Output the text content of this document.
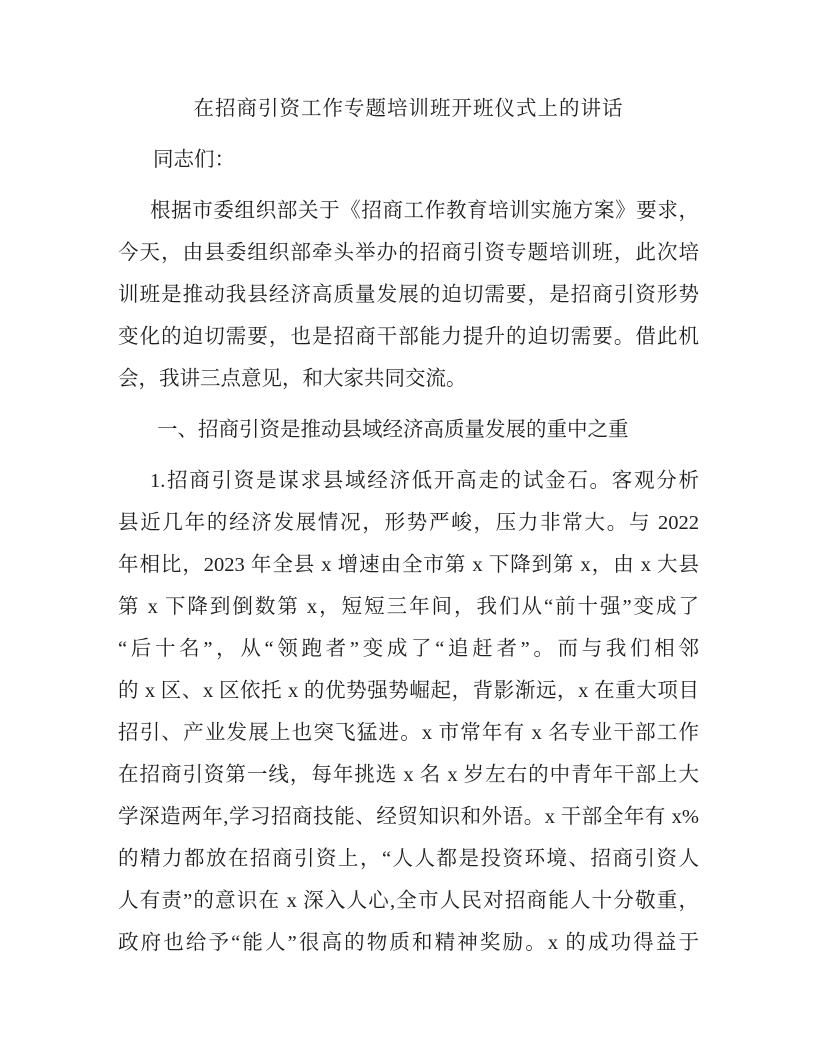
在招商引资工作专题培训班开班仪式上的讲话
同志们：
根据市委组织部关于《招商工作教育培训实施方案》要求，
今天，由县委组织部牵头举办的招商引资专题培训班，此次培
训班是推动我县经济高质量发展的迫切需要，是招商引资形势
变化的迫切需要，也是招商干部能力提升的迫切需要。借此机
会，我讲三点意见，和大家共同交流。
一、招商引资是推动县域经济高质量发展的重中之重
1.招商引资是谋求县域经济低开高走的试金石。客观分析
县近几年的经济发展情况，形势严峻，压力非常大。与 2022
年相比，2023 年全县 x 增速由全市第 x 下降到第 x，由 x 大县
第 x 下降到倒数第 x，短短三年间，我们从“前十强”变成了
“后十名”，从“领跑者”变成了“追赶者”。而与我们相邻
的 x 区、x 区依托 x 的优势强势崛起，背影渐远，x 在重大项目
招引、产业发展上也突飞猛进。x 市常年有 x 名专业干部工作
在招商引资第一线，每年挑选 x 名 x 岁左右的中青年干部上大
学深造两年,学习招商技能、经贸知识和外语。x 干部全年有 x%
的精力都放在招商引资上，“人人都是投资环境、招商引资人
人有责”的意识在 x 深入人心,全市人民对招商能人十分敬重，
政府也给予“能人”很高的物质和精神奖励。x 的成功得益于
